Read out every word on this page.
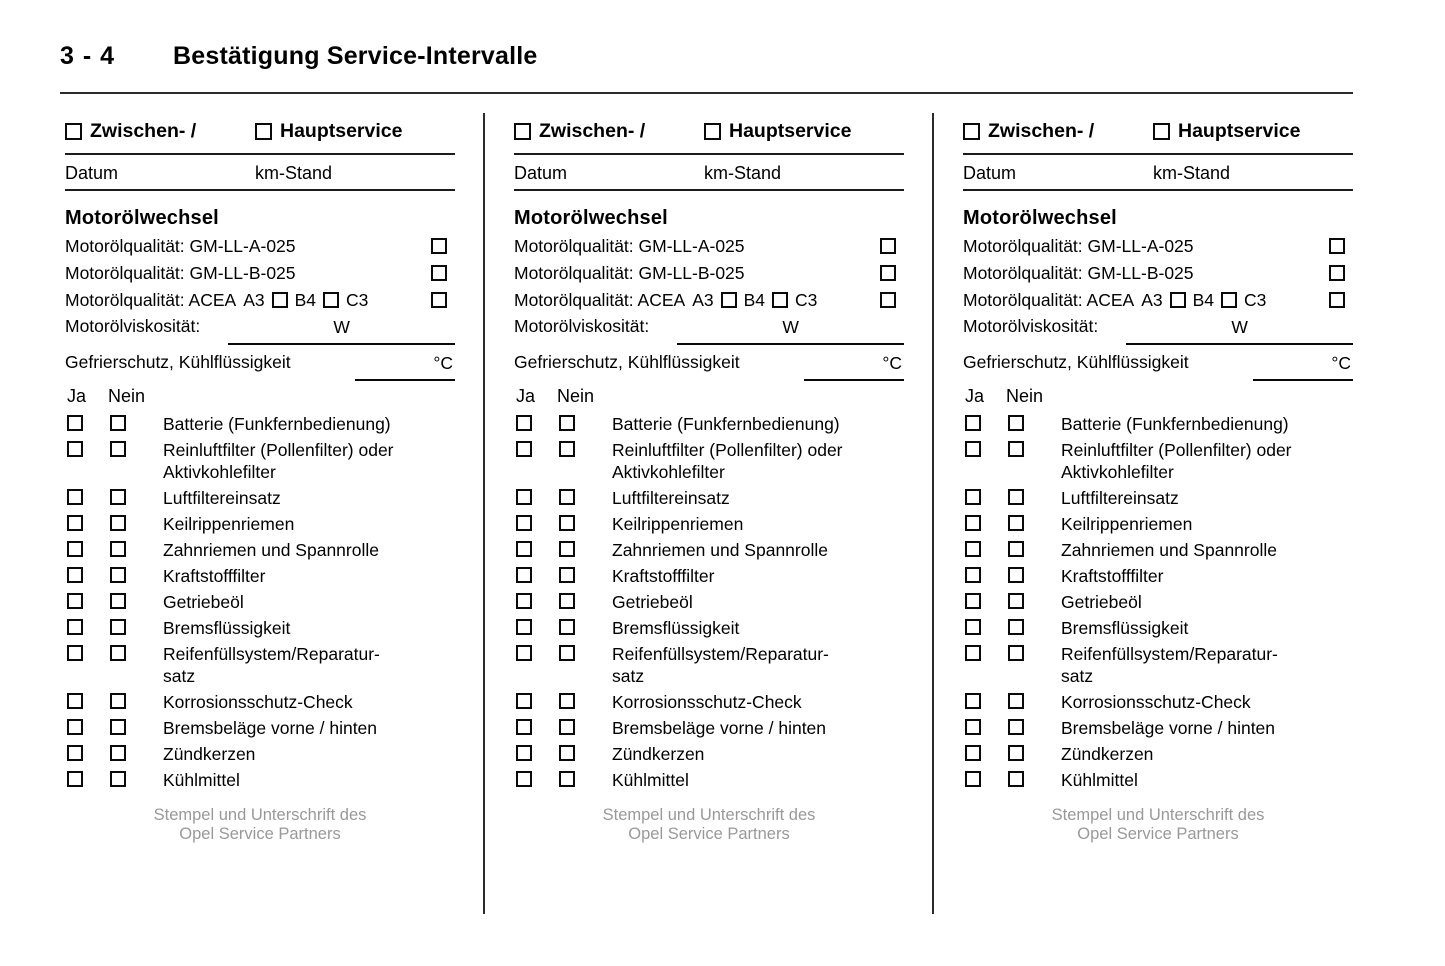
3 - 4 Bestätigung Service-Intervalle
Zwischen- /	Hauptservice
Datum	km-Stand
Motorölwechsel
Motorölqualität: GM-LL-A-025
Motorölqualität: GM-LL-B-025
Motorölqualität: ACEA A3 B4 C3
Motorölviskosität:	W
Gefrierschutz, Kühlflüssigkeit	°C
Ja	Nein
Batterie (Funkfernbedienung)
Reinluftfilter (Pollenfilter) oder
Aktivkohlefilter
Luftfiltereinsatz
Keilrippenriemen
Zahnriemen und Spannrolle
Kraftstofffilter
Getriebeöl
Bremsflüssigkeit
Reifenfüllsystem/Reparatur-
satz
Korrosionsschutz-Check
Bremsbeläge vorne / hinten
Zündkerzen
Kühlmittel
Stempel und Unterschrift des
Opel Service Partners
Zwischen- /	Hauptservice
Datum	km-Stand
Motorölwechsel
Motorölqualität: GM-LL-A-025
Motorölqualität: GM-LL-B-025
Motorölqualität: ACEA A3 B4 C3
Motorölviskosität:	W
Gefrierschutz, Kühlflüssigkeit	°C
Ja	Nein
Batterie (Funkfernbedienung)
Reinluftfilter (Pollenfilter) oder
Aktivkohlefilter
Luftfiltereinsatz
Keilrippenriemen
Zahnriemen und Spannrolle
Kraftstofffilter
Getriebeöl
Bremsflüssigkeit
Reifenfüllsystem/Reparatur-
satz
Korrosionsschutz-Check
Bremsbeläge vorne / hinten
Zündkerzen
Kühlmittel
Stempel und Unterschrift des
Opel Service Partners
Zwischen- /	Hauptservice
Datum	km-Stand
Motorölwechsel
Motorölqualität: GM-LL-A-025
Motorölqualität: GM-LL-B-025
Motorölqualität: ACEA A3 B4 C3
Motorölviskosität:	W
Gefrierschutz, Kühlflüssigkeit	°C
Ja	Nein
Batterie (Funkfernbedienung)
Reinluftfilter (Pollenfilter) oder
Aktivkohlefilter
Luftfiltereinsatz
Keilrippenriemen
Zahnriemen und Spannrolle
Kraftstofffilter
Getriebeöl
Bremsflüssigkeit
Reifenfüllsystem/Reparatur-
satz
Korrosionsschutz-Check
Bremsbeläge vorne / hinten
Zündkerzen
Kühlmittel
Stempel und Unterschrift des
Opel Service Partners
